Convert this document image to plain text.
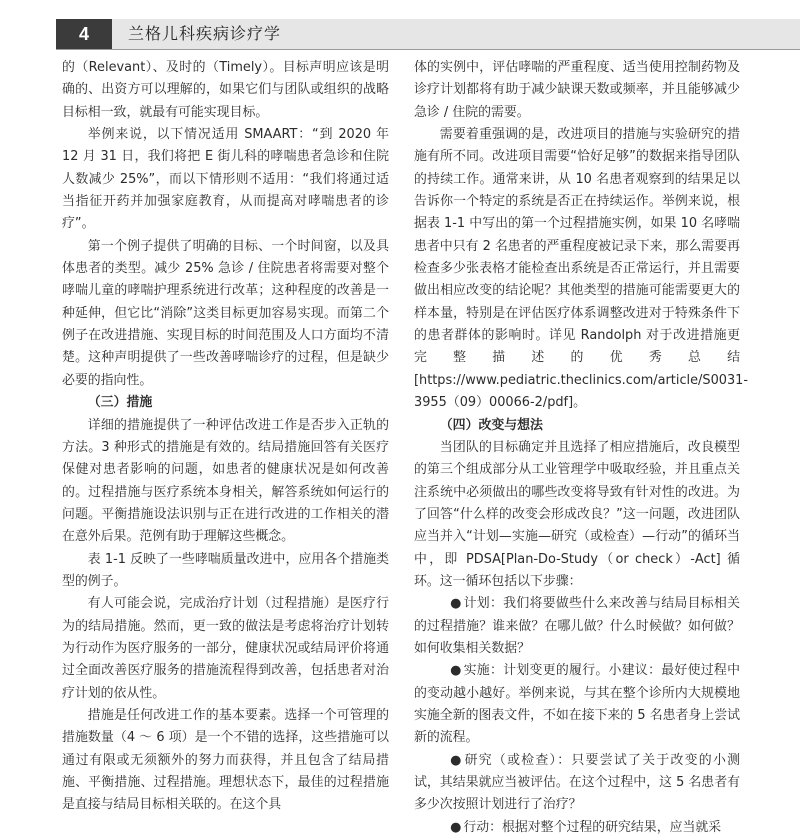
兰格儿科疾病诊疗学
4

的（Relevant）、及时的（Timely）。目标声明应该是明确的、出资方可以理解的，如果它们与团队或组织的战略目标相一致，就最有可能实现目标。

举例来说，以下情况适用 SMAART：“到 2020 年 12 月 31 日，我们将把 E 街儿科的哮喘患者急诊和住院人数减少 25%”，而以下情形则不适用：“我们将通过适当指征开药并加强家庭教育，从而提高对哮喘患者的诊疗”。

第一个例子提供了明确的目标、一个时间窗，以及具体患者的类型。减少 25% 急诊 / 住院患者将需要对整个哮喘儿童的哮喘护理系统进行改革；这种程度的改善是一种延伸，但它比“消除”这类目标更加容易实现。而第二个例子在改进措施、实现目标的时间范围及人口方面均不清楚。这种声明提供了一些改善哮喘诊疗的过程，但是缺少必要的指向性。

（三）措施

详细的措施提供了一种评估改进工作是否步入正轨的方法。3 种形式的措施是有效的。结局措施回答有关医疗保健对患者影响的问题，如患者的健康状况是如何改善的。过程措施与医疗系统本身相关，解答系统如何运行的问题。平衡措施设法识别与正在进行改进的工作相关的潜在意外后果。范例有助于理解这些概念。

表 1-1 反映了一些哮喘质量改进中，应用各个措施类型的例子。

有人可能会说，完成治疗计划（过程措施）是医疗行为的结局措施。然而，更一致的做法是考虑将治疗计划转为行动作为医疗服务的一部分，健康状况或结局评价将通过全面改善医疗服务的措施流程得到改善，包括患者对治疗计划的依从性。

措施是任何改进工作的基本要素。选择一个可管理的措施数量（4 ～ 6 项）是一个不错的选择，这些措施可以通过有限或无须额外的努力而获得，并且包含了结局措施、平衡措施、过程措施。理想状态下，最佳的过程措施是直接与结局目标相关联的。在这个具

体的实例中，评估哮喘的严重程度、适当使用控制药物及诊疗计划都将有助于减少缺课天数或频率，并且能够减少急诊 / 住院的需要。

需要着重强调的是，改进项目的措施与实验研究的措施有所不同。改进项目需要“恰好足够”的数据来指导团队的持续工作。通常来讲，从 10 名患者观察到的结果足以告诉你一个特定的系统是否正在持续运作。举例来说，根据表 1-1 中写出的第一个过程措施实例，如果 10 名哮喘患者中只有 2 名患者的严重程度被记录下来，那么需要再检查多少张表格才能检查出系统是否正常运行，并且需要做出相应改变的结论呢？其他类型的措施可能需要更大的样本量，特别是在评估医疗体系调整改进对于特殊条件下的患者群体的影响时。详见 Randolph 对于改进措施更完整描述的优秀总结 [https://www.pediatric.theclinics.com/article/S0031- 3955（09）00066-2/pdf]。

（四）改变与想法

当团队的目标确定并且选择了相应措施后，改良模型的第三个组成部分从工业管理学中吸取经验，并且重点关注系统中必须做出的哪些改变将导致有针对性的改进。为了回答“什么样的改变会形成改良？”这一问题，改进团队应当并入“计划—实施—研究（或检查）—行动”的循环当中，即 PDSA[Plan-Do-Study（or check）-Act] 循环。这一循环包括以下步骤：

● 计划：我们将要做些什么来改善与结局目标相关的过程措施？谁来做？在哪儿做？什么时候做？如何做？如何收集相关数据？

● 实施：计划变更的履行。小建议：最好使过程中的变动越小越好。举例来说，与其在整个诊所内大规模地实施全新的图表文件，不如在接下来的 5 名患者身上尝试新的流程。

● 研究（或检查）：只要尝试了关于改变的小测试，其结果就应当被评估。在这个过程中，这 5 名患者有多少次按照计划进行了治疗？

● 行动：根据对整个过程的研究结果，应当就采
